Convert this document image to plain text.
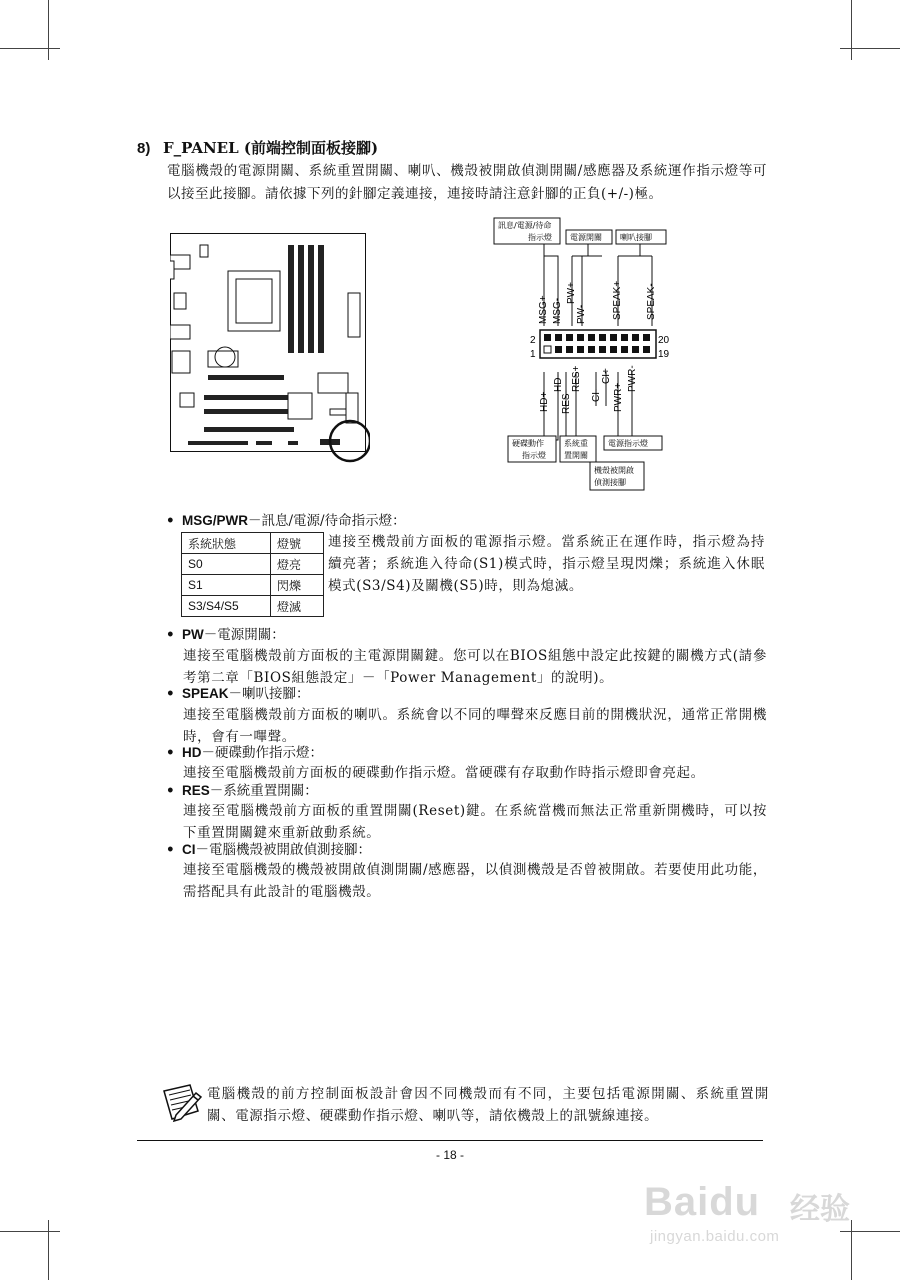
8) F_PANEL (前端控制面板接腳)
電腦機殼的電源開關、系統重置開關、喇叭、機殼被開啟偵測開關/感應器及系統運作指示燈等可以接至此接腳。請依據下列的針腳定義連接，連接時請注意針腳的正負(+/-)極。
訊息/電源/待命
指示燈 電源開關 喇叭接腳
MSG+ MSG-
PW+
PW-	SPEAK+ SPEAK-
HD+
HD-
RES-
RES+
CI-
CI+
PWR+
PWR-
2
1
20
19
硬碟動作
指示燈
系統重
置開關
電源指示燈
機殼被開啟
偵測接腳
• MSG/PWR－訊息/電源/待命指示燈：
系統狀態	燈號
S0	燈亮
S1	閃爍
S3/S4/S5	燈滅
連接至機殼前方面板的電源指示燈。當系統正在運作時，指示燈為持續亮著；系統進入待命(S1)模式時，指示燈呈現閃爍；系統進入休眠模式(S3/S4)及關機(S5)時，則為熄滅。
• PW－電源開關：
連接至電腦機殼前方面板的主電源開關鍵。您可以在BIOS組態中設定此按鍵的關機方式(請參考第二章「BIOS組態設定」－「Power Management」的說明)。
• SPEAK－喇叭接腳：
連接至電腦機殼前方面板的喇叭。系統會以不同的嗶聲來反應目前的開機狀況，通常正常開機時，會有一嗶聲。
• HD－硬碟動作指示燈：
連接至電腦機殼前方面板的硬碟動作指示燈。當硬碟有存取動作時指示燈即會亮起。
• RES－系統重置開關：
連接至電腦機殼前方面板的重置開關(Reset)鍵。在系統當機而無法正常重新開機時，可以按下重置開關鍵來重新啟動系統。
• CI－電腦機殼被開啟偵測接腳：
連接至電腦機殼的機殼被開啟偵測開關/感應器，以偵測機殼是否曾被開啟。若要使用此功能，需搭配具有此設計的電腦機殼。
電腦機殼的前方控制面板設計會因不同機殼而有不同，主要包括電源開關、系統重置開關、電源指示燈、硬碟動作指示燈、喇叭等，請依機殼上的訊號線連接。
- 18 -
Baidu 经验
jingyan.baidu.com
